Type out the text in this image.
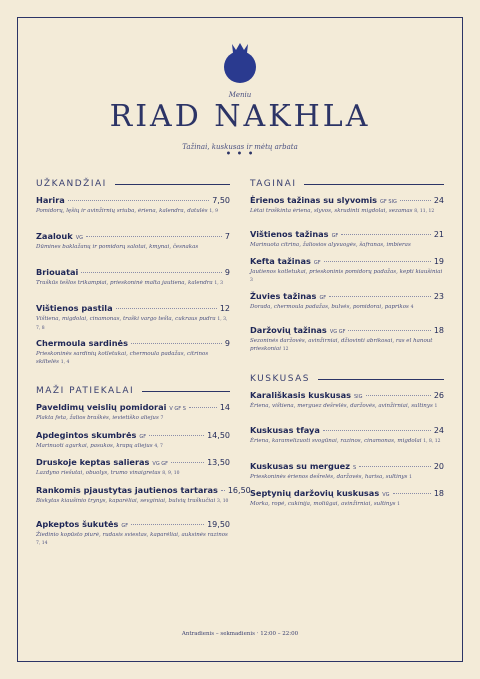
Meniu
RIAD NAKHLA
Tažinai, kuskusas ir mėtų arbata
• • •
UŽKANDŽIAI
MAŽI PATIEKALAI
TAGINAI
KUSKUSAS
Harira	7,50
Pomidorų, lęšių ir avinžirnių sriuba, ėriena, kalendra, datulės 1, 9
Zaalouk VG	7
Dūmines baklažanų ir pomidorų salotai, kmynai, česnakas
Briouatai	9
Traškūs tešlos trikampiai, prieskoninė malta jautiena, kalendra 1, 3
Vištienos pastila	12
Vištiena, migdolai, cinamonas, traški vargo tešla, cukraus pudra 1, 3, 7, 8
Chermoula sardinės	9
Prieskoninės sardinių kotletukai, chermoula padažas, citrinos skiltelės 1, 4
Paveldimų veislių pomidorai V GF S	14
Plakta feta, žalios braškės, ievietiško aliejus 7
Apdegintos skumbrės GF	14,50
Marinuoti agurkai, pasukos, krapų aliejus 4, 7
Druskoje keptas salieras VG GF	13,50
Lazdyno riešutai, obuolys, trumo vinaigretas 8, 9, 10
Rankomis pjaustytas jautienos tartaras 16,50
Biskytas kiaušinio trynys, kaparėliai, sevginiai, bulvių traškučiai 3, 10
Apkeptos šukutės GF	19,50
Žiedinio kopūsto piurė, rudasis sviestas, kaparėliai, auksinės razinos 7, 14
Ėrienos tažinas su slyvomis GF SIG	24
Lėtai troškinta ėriena, slyvos, skrudinti migdolai, sezamas 8, 11, 12
Vištienos tažinas GF	21
Marinuota citrina, žaliosios alyvuogės, šafranas, imbieras
Kefta tažinas GF	19
Jautienos kotletukai, prieskoninis pomidorų padažas, kepti kiaušiniai 3
Žuvies tažinas GF	23
Dorada, chermoula padažas, bulvės, pomidorai, paprikos 4
Daržovių tažinas VG GF	18
Sezoninės daržovės, avinžirniai, džiovinti abrikosai, ras el hanout prieskoniai 12
Karališkasis kuskusas SIG	26
Ėriena, vištiena, merguez dešrelės, daržovės, avinžirniai, sultinys 1
Kuskusas tfaya	24
Ėriena, karamelizuoti svogūnai, razinos, cinamonas, migdolai 1, 8, 12
Kuskusas su merguez S	20
Prieskoninės ėrienos dešrelės, daržovės, harisa, sultinys 1
Septynių daržovių kuskusas VG	18
Morka, ropė, cukinija, moliūgai, avinžirniai, sultinys 1
Antradienis – sekmadienis · 12:00 – 22:00
